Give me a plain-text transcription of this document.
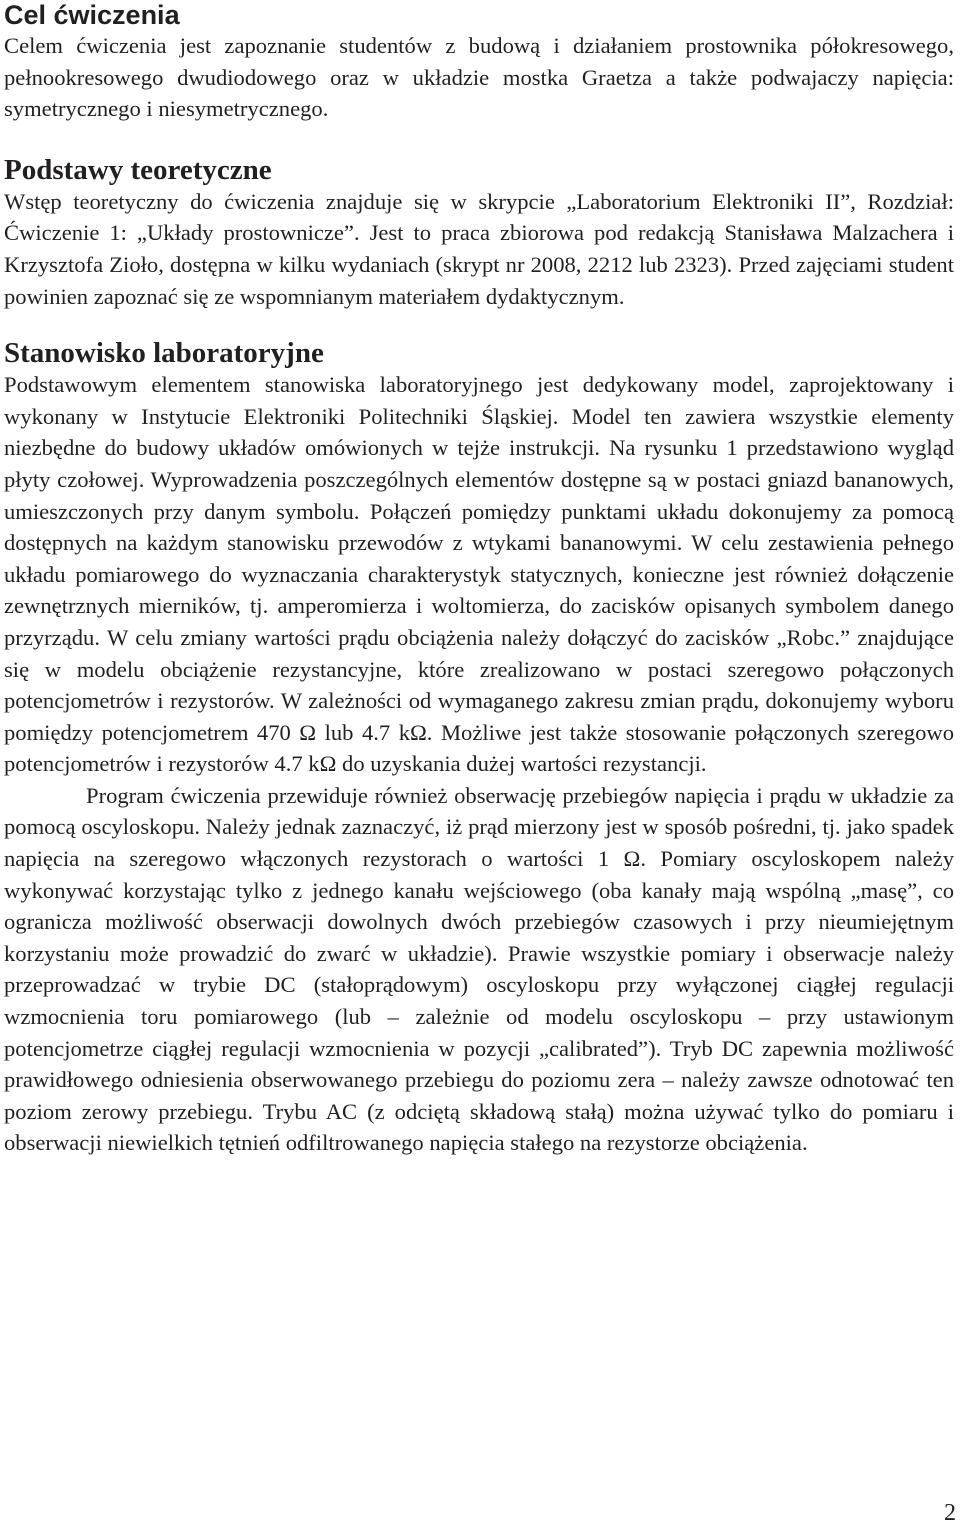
Cel ćwiczenia

Celem ćwiczenia jest zapoznanie studentów z budową i działaniem prostownika półokresowego, pełnookresowego dwudiodowego oraz w układzie mostka Graetza a także podwajaczy napięcia: symetrycznego i niesymetrycznego.

Podstawy teoretyczne

Wstęp teoretyczny do ćwiczenia znajduje się w skrypcie „Laboratorium Elektroniki II”, Rozdział: Ćwiczenie 1: „Układy prostownicze”. Jest to praca zbiorowa pod redakcją Stanisława Malzachera i Krzysztofa Zioło, dostępna w kilku wydaniach (skrypt nr 2008, 2212 lub 2323). Przed zajęciami student powinien zapoznać się ze wspomnianym materiałem dydaktycznym.

Stanowisko laboratoryjne

Podstawowym elementem stanowiska laboratoryjnego jest dedykowany model, zaprojektowany i wykonany w Instytucie Elektroniki Politechniki Śląskiej. Model ten zawiera wszystkie elementy niezbędne do budowy układów omówionych w tejże instrukcji. Na rysunku 1 przedstawiono wygląd płyty czołowej. Wyprowadzenia poszczególnych elementów dostępne są w postaci gniazd bananowych, umieszczonych przy danym symbolu. Połączeń pomiędzy punktami układu dokonujemy za pomocą dostępnych na każdym stanowisku przewodów z wtykami bananowymi. W celu zestawienia pełnego układu pomiarowego do wyznaczania charakterystyk statycznych, konieczne jest również dołączenie zewnętrznych mierników, tj. amperomierza i woltomierza, do zacisków opisanych symbolem danego przyrządu. W celu zmiany wartości prądu obciążenia należy dołączyć do zacisków „Robc.” znajdujące się w modelu obciążenie rezystancyjne, które zrealizowano w postaci szeregowo połączonych potencjometrów i rezystorów. W zależności od wymaganego zakresu zmian prądu, dokonujemy wyboru pomiędzy potencjometrem 470 Ω lub 4.7 kΩ. Możliwe jest także stosowanie połączonych szeregowo potencjometrów i rezystorów 4.7 kΩ do uzyskania dużej wartości rezystancji.

Program ćwiczenia przewiduje również obserwację przebiegów napięcia i prądu w układzie za pomocą oscyloskopu. Należy jednak zaznaczyć, iż prąd mierzony jest w sposób pośredni, tj. jako spadek napięcia na szeregowo włączonych rezystorach o wartości 1 Ω. Pomiary oscyloskopem należy wykonywać korzystając tylko z jednego kanału wejściowego (oba kanały mają wspólną „masę”, co ogranicza możliwość obserwacji dowolnych dwóch przebiegów czasowych i przy nieumiejętnym korzystaniu może prowadzić do zwarć w układzie). Prawie wszystkie pomiary i obserwacje należy przeprowadzać w trybie DC (stałoprądowym) oscyloskopu przy wyłączonej ciągłej regulacji wzmocnienia toru pomiarowego (lub – zależnie od modelu oscyloskopu – przy ustawionym potencjometrze ciągłej regulacji wzmocnienia w pozycji „calibrated”). Tryb DC zapewnia możliwość prawidłowego odniesienia obserwowanego przebiegu do poziomu zera – należy zawsze odnotować ten poziom zerowy przebiegu. Trybu AC (z odciętą składową stałą) można używać tylko do pomiaru i obserwacji niewielkich tętnień odfiltrowanego napięcia stałego na rezystorze obciążenia.

2
